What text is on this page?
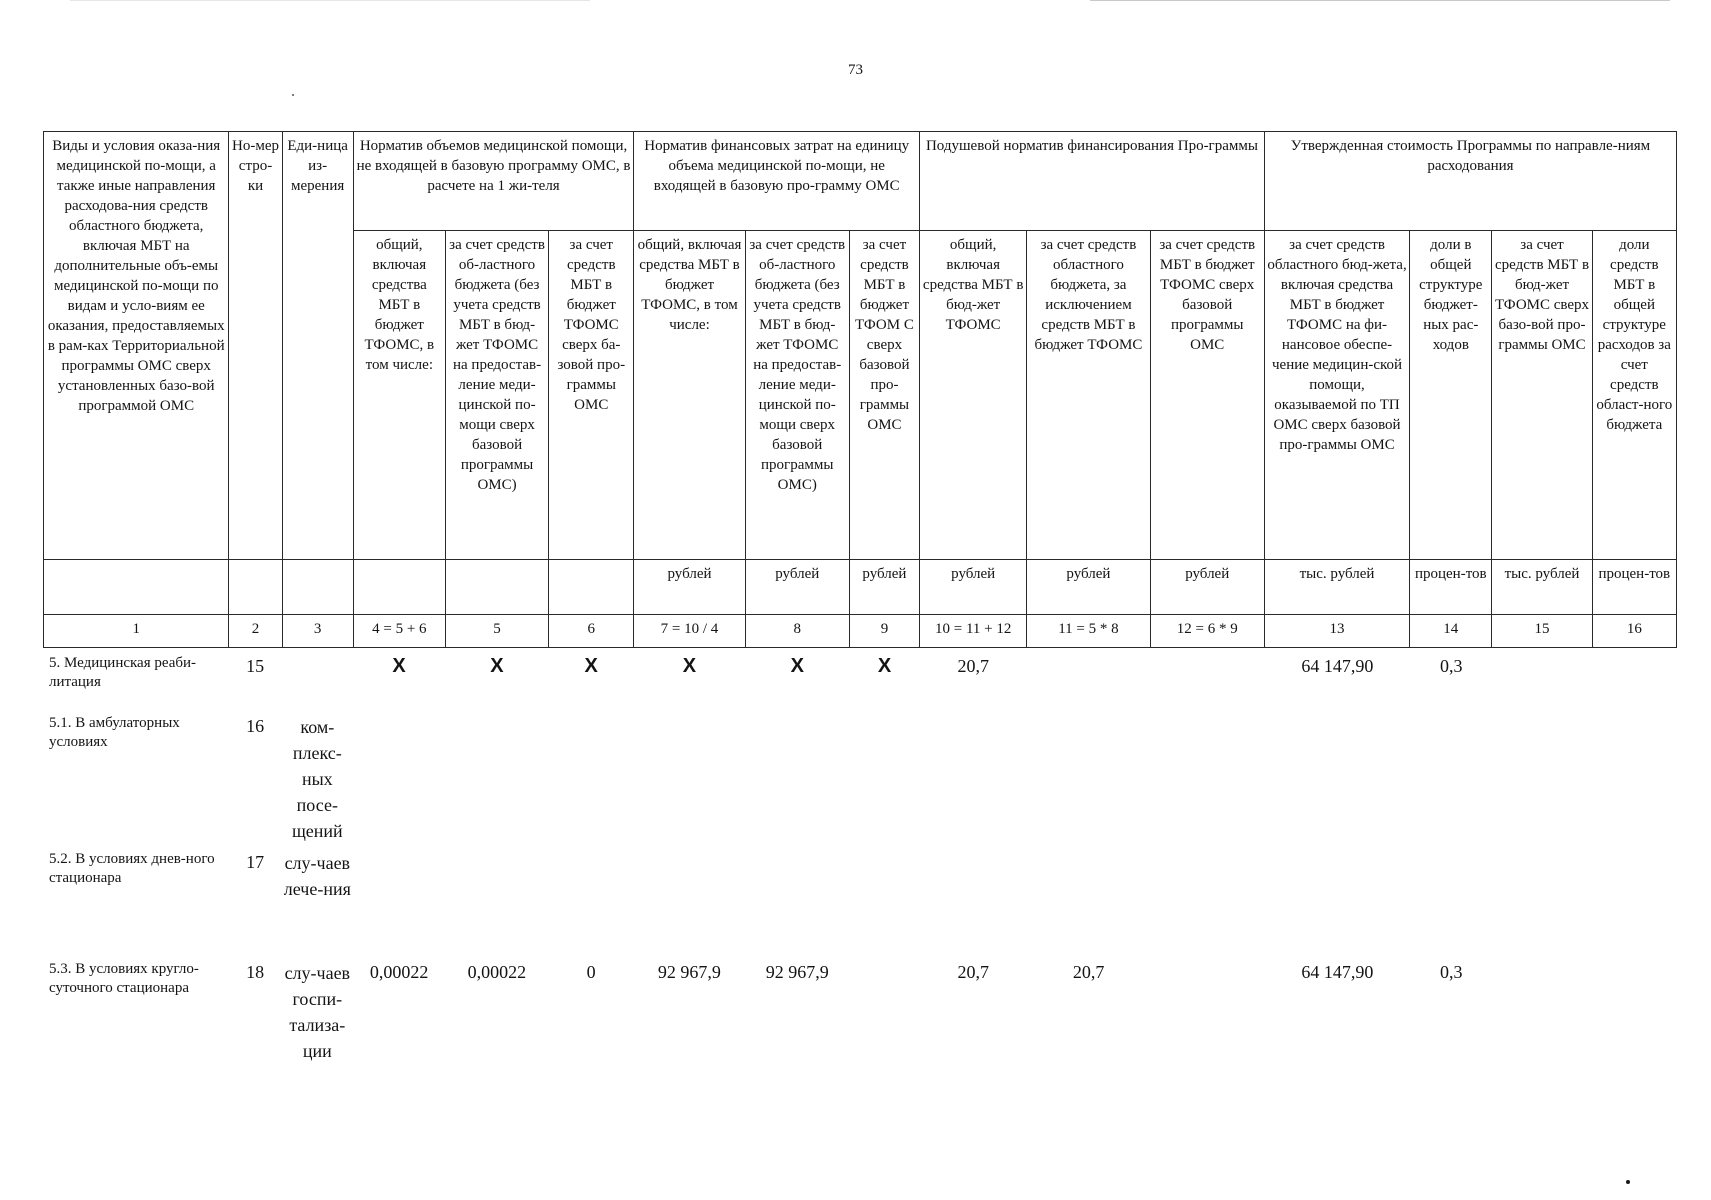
73
Виды и условия оказа-ния медицинской по-мощи, а также иные направления расходова-ния средств областного бюджета, включая МБТ на дополнительные объ-емы медицинской по-мощи по видам и усло-виям ее оказания, предоставляемых в рам-ках Территориальной программы ОМС сверх установленных базо-вой программой ОМС	Но-мер стро-ки	Еди-ница из-мерения	Норматив объемов медицинской помощи, не входящей в базовую программу ОМС, в расчете на 1 жи-теля			Норматив финансовых затрат на единицу объема медицинской по-мощи, не входящей в базовую про-грамму ОМС			Подушевой норматив финансирования Про-граммы			Утвержденная стоимость Программы по направле-ниям расходования			
			общий, включая средства МБТ в бюджет ТФОМС, в том числе:	за счет средств об-ластного бюджета (без учета средств МБТ в бюд-жет ТФОМС на предостав-ление меди-цинской по-мощи сверх базовой программы ОМС)	за счет средств МБТ в бюджет ТФОМС сверх ба-зовой про-граммы ОМС	общий, включая средства МБТ в бюджет ТФОМС, в том числе:	за счет средств об-ластного бюджета (без учета средств МБТ в бюд-жет ТФОМС на предостав-ление меди-цинской по-мощи сверх базовой программы ОМС)	за счет средств МБТ в бюджет ТФОМ С сверх базовой про-граммы ОМС	общий, включая средства МБТ в бюд-жет ТФОМС	за счет средств областного бюджета, за исключением средств МБТ в бюджет ТФОМС	за счет средств МБТ в бюджет ТФОМС сверх базовой программы ОМС	за счет средств областного бюд-жета, включая средства МБТ в бюджет ТФОМС на фи-нансовое обеспе-чение медицин-ской помощи, оказываемой по ТП ОМС сверх базовой про-граммы ОМС	доли в общей структуре бюджет-ных рас-ходов	за счет средств МБТ в бюд-жет ТФОМС сверх базо-вой про-граммы ОМС	доли средств МБТ в общей структуре расходов за счет средств област-ного бюджета
						рублей	рублей	рублей	рублей	рублей	рублей	тыс. рублей	процен-тов	тыс. рублей	процен-тов
1	2	3	4 = 5 + 6	5	6	7 = 10 / 4	8	9	10 = 11 + 12	11 = 5 * 8	12 = 6 * 9	13	14	15	16
5. Медицинская реаби-литация	15		Х	Х	Х	Х	Х	Х	20,7			64 147,90	0,3		
5.1. В амбулаторных условиях	16	ком-плекс-ных посе-щений													
5.2. В условиях днев-ного стационара	17	слу-чаев лече-ния													
5.3. В условиях кругло-суточного стационара	18	слу-чаев госпи-тализа-ции	0,00022	0,00022	0	92 967,9	92 967,9		20,7	20,7		64 147,90	0,3		
